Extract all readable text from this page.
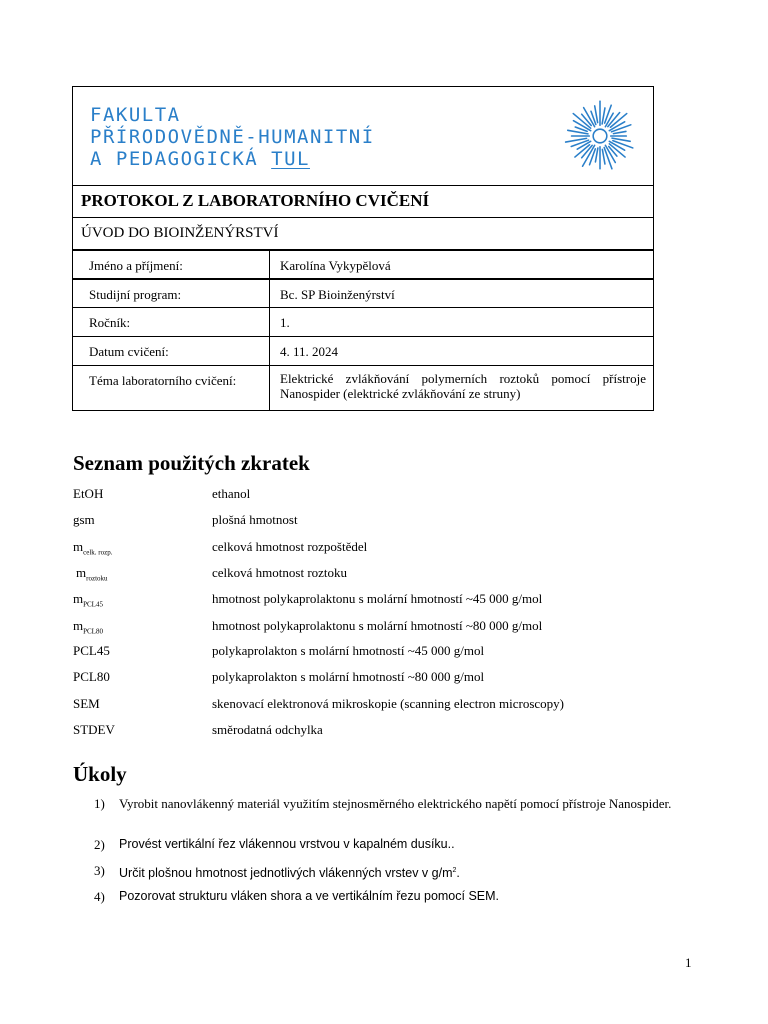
FAKULTA
PŘÍRODOVĚDNĚ-HUMANITNÍ
A PEDAGOGICKÁ TUL
PROTOKOL Z LABORATORNÍHO CVIČENÍ
ÚVOD DO BIOINŽENÝRSTVÍ
Jméno a příjmení:	Karolína Vykypělová
Studijní program:	Bc. SP Bioinženýrství
Ročník:	1.
Datum cvičení:	4. 11. 2024
Téma laboratorního cvičení:	Elektrické zvlákňování polymerních roztoků pomocí přístroje Nanospider (elektrické zvlákňování ze struny)
Seznam použitých zkratek
EtOH	ethanol
gsm	plošná hmotnost
$m_{celk. rozp.}$	celková hmotnost rozpoštědel
$m_{roztoku}$	celková hmotnost roztoku
$m_{PCL45}$	hmotnost polykaprolaktonu s molární hmotností ~45 000 g/mol
$m_{PCL80}$	hmotnost polykaprolaktonu s molární hmotností ~80 000 g/mol
PCL45	polykaprolakton s molární hmotností ~45 000 g/mol
PCL80	polykaprolakton s molární hmotností ~80 000 g/mol
SEM	skenovací elektronová mikroskopie (scanning electron microscopy)
STDEV	směrodatná odchylka
Úkoly
1) Vyrobit nanovlákenný materiál využitím stejnosměrného elektrického napětí pomocí přístroje Nanospider.
2) Provést vertikální řez vlákennou vrstvou v kapalném dusíku..
3) Určit plošnou hmotnost jednotlivých vlákenných vrstev v $g/m^2$.
4) Pozorovat strukturu vláken shora a ve vertikálním řezu pomocí SEM.
1
